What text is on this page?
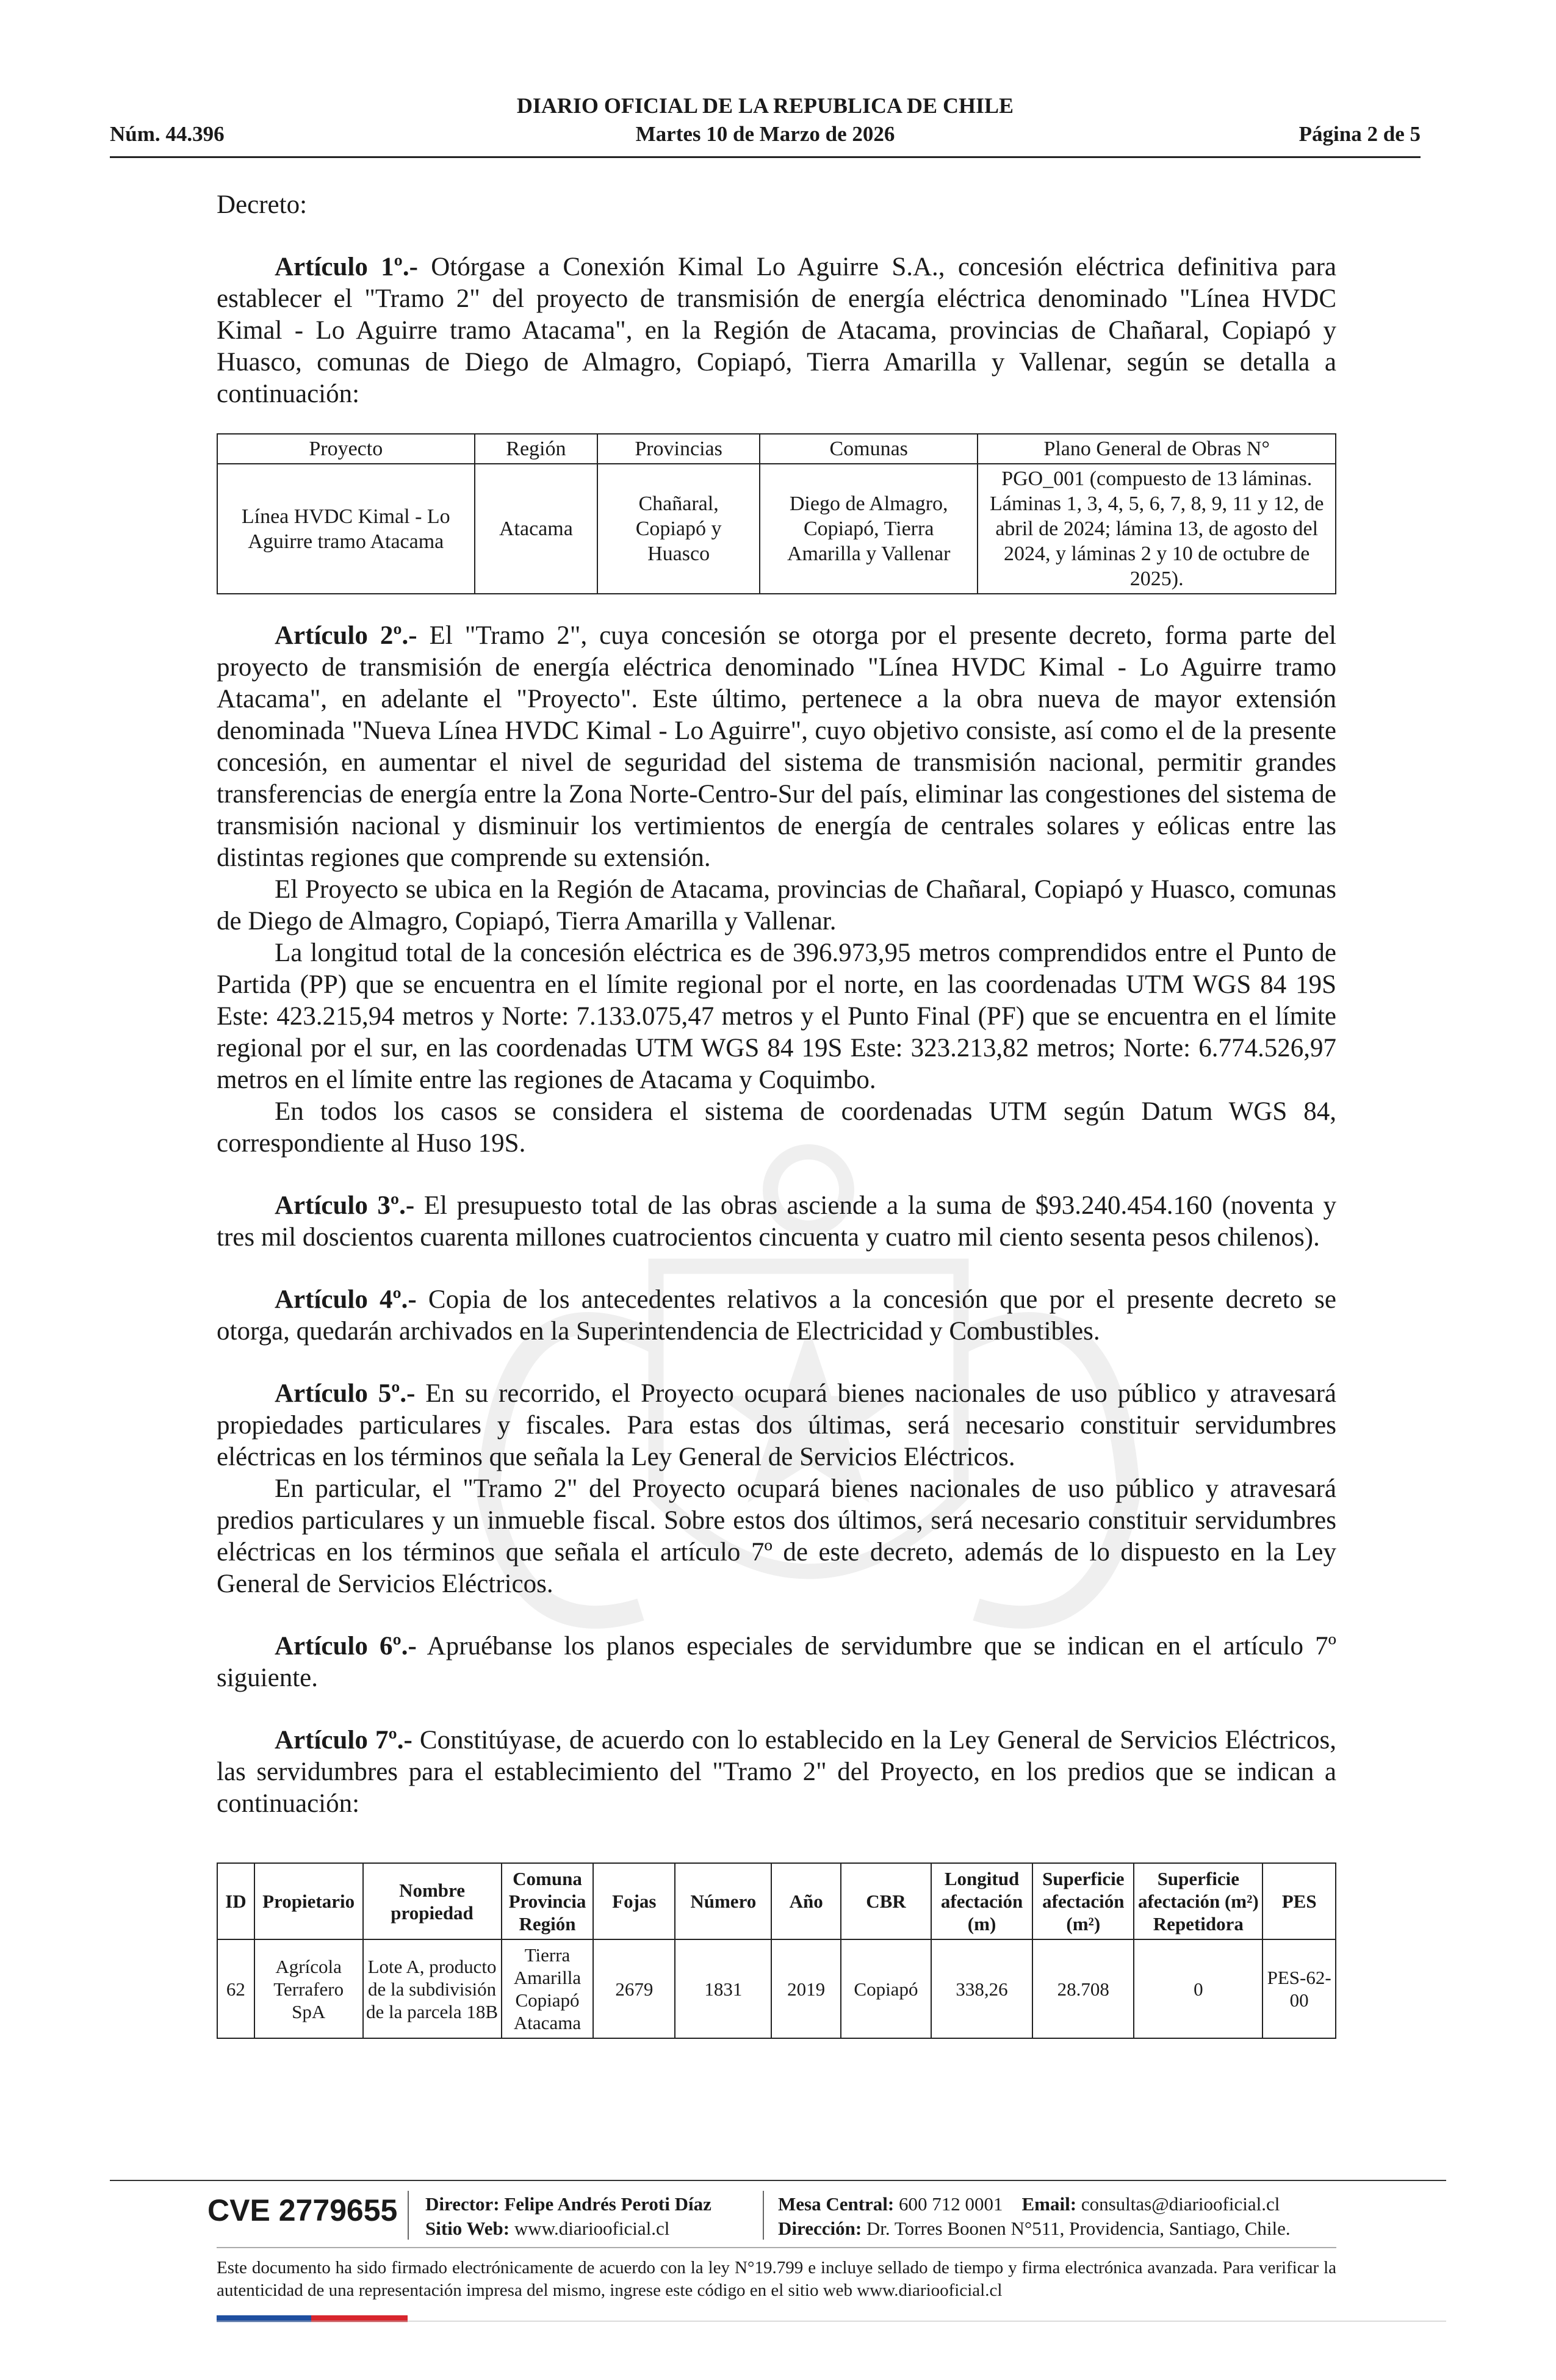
DIARIO OFICIAL DE LA REPUBLICA DE CHILE
Núm. 44.396	Martes 10 de Marzo de 2026	Página 2 de 5

Decreto:

Artículo 1º.- Otórgase a Conexión Kimal Lo Aguirre S.A., concesión eléctrica definitiva para establecer el "Tramo 2" del proyecto de transmisión de energía eléctrica denominado "Línea HVDC Kimal - Lo Aguirre tramo Atacama", en la Región de Atacama, provincias de Chañaral, Copiapó y Huasco, comunas de Diego de Almagro, Copiapó, Tierra Amarilla y Vallenar, según se detalla a continuación:

Proyecto	Región	Provincias	Comunas	Plano General de Obras N°
Línea HVDC Kimal - Lo Aguirre tramo Atacama	Atacama	Chañaral, Copiapó y Huasco	Diego de Almagro, Copiapó, Tierra Amarilla y Vallenar	PGO_001 (compuesto de 13 láminas. Láminas 1, 3, 4, 5, 6, 7, 8, 9, 11 y 12, de abril de 2024; lámina 13, de agosto del 2024, y láminas 2 y 10 de octubre de 2025).

Artículo 2º.- El "Tramo 2", cuya concesión se otorga por el presente decreto, forma parte del proyecto de transmisión de energía eléctrica denominado "Línea HVDC Kimal - Lo Aguirre tramo Atacama", en adelante el "Proyecto". Este último, pertenece a la obra nueva de mayor extensión denominada "Nueva Línea HVDC Kimal - Lo Aguirre", cuyo objetivo consiste, así como el de la presente concesión, en aumentar el nivel de seguridad del sistema de transmisión nacional, permitir grandes transferencias de energía entre la Zona Norte-Centro-Sur del país, eliminar las congestiones del sistema de transmisión nacional y disminuir los vertimientos de energía de centrales solares y eólicas entre las distintas regiones que comprende su extensión.

El Proyecto se ubica en la Región de Atacama, provincias de Chañaral, Copiapó y Huasco, comunas de Diego de Almagro, Copiapó, Tierra Amarilla y Vallenar.

La longitud total de la concesión eléctrica es de 396.973,95 metros comprendidos entre el Punto de Partida (PP) que se encuentra en el límite regional por el norte, en las coordenadas UTM WGS 84 19S Este: 423.215,94 metros y Norte: 7.133.075,47 metros y el Punto Final (PF) que se encuentra en el límite regional por el sur, en las coordenadas UTM WGS 84 19S Este: 323.213,82 metros; Norte: 6.774.526,97 metros en el límite entre las regiones de Atacama y Coquimbo.

En todos los casos se considera el sistema de coordenadas UTM según Datum WGS 84, correspondiente al Huso 19S.

Artículo 3º.- El presupuesto total de las obras asciende a la suma de $93.240.454.160 (noventa y tres mil doscientos cuarenta millones cuatrocientos cincuenta y cuatro mil ciento sesenta pesos chilenos).

Artículo 4º.- Copia de los antecedentes relativos a la concesión que por el presente decreto se otorga, quedarán archivados en la Superintendencia de Electricidad y Combustibles.

Artículo 5º.- En su recorrido, el Proyecto ocupará bienes nacionales de uso público y atravesará propiedades particulares y fiscales. Para estas dos últimas, será necesario constituir servidumbres eléctricas en los términos que señala la Ley General de Servicios Eléctricos.

En particular, el "Tramo 2" del Proyecto ocupará bienes nacionales de uso público y atravesará predios particulares y un inmueble fiscal. Sobre estos dos últimos, será necesario constituir servidumbres eléctricas en los términos que señala el artículo 7º de este decreto, además de lo dispuesto en la Ley General de Servicios Eléctricos.

Artículo 6º.- Apruébanse los planos especiales de servidumbre que se indican en el artículo 7º siguiente.

Artículo 7º.- Constitúyase, de acuerdo con lo establecido en la Ley General de Servicios Eléctricos, las servidumbres para el establecimiento del "Tramo 2" del Proyecto, en los predios que se indican a continuación:

ID	Propietario	Nombre propiedad	Comuna Provincia Región	Fojas	Número	Año	CBR	Longitud afectación (m)	Superficie afectación (m²)	Superficie afectación (m²) Repetidora	PES
62	Agrícola Terrafero SpA	Lote A, producto de la subdivisión de la parcela 18B	Tierra Amarilla Copiapó Atacama	2679	1831	2019	Copiapó	338,26	28.708	0	PES-62-00
CVE 2779655 Director: Felipe Andrés Peroti Díaz
Sitio Web: www.diariooficial.cl
Mesa Central: 600 712 0001 Email: consultas@diariooficial.cl
Dirección: Dr. Torres Boonen N°511, Providencia, Santiago, Chile.
Este documento ha sido firmado electrónicamente de acuerdo con la ley N°19.799 e incluye sellado de tiempo y firma electrónica avanzada. Para verificar la autenticidad de una representación impresa del mismo, ingrese este código en el sitio web www.diariooficial.cl
